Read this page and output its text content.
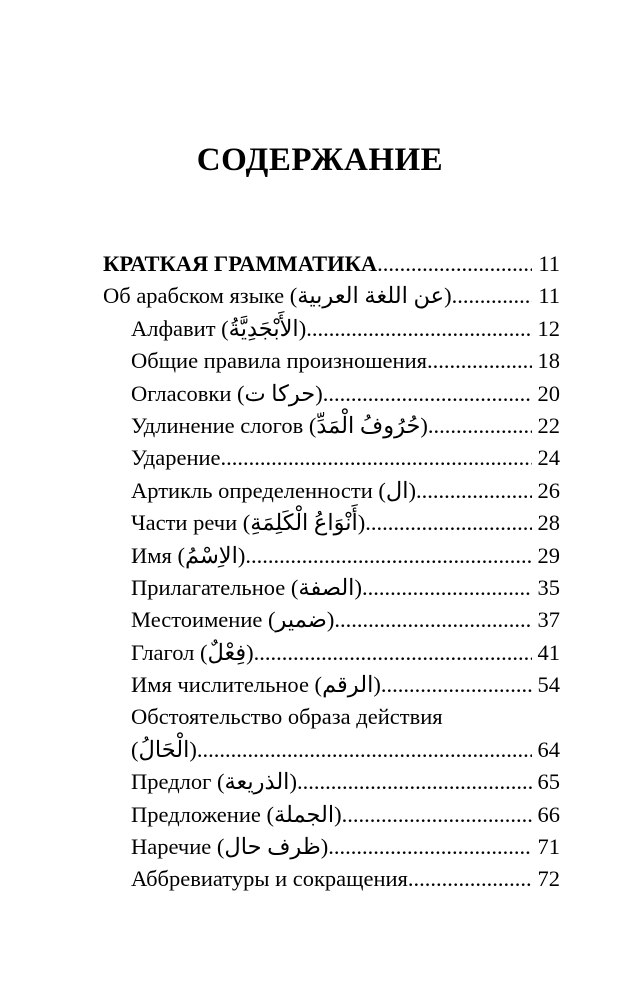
СОДЕРЖАНИЕ
КРАТКАЯ ГРАММАТИКА .....	11
Об арабском языке (عن اللغة العربية) .....	11
Алфавит (الأَبْجَدِيَّةُ) .....	12
Общие правила произношения .....	18
Огласовки (حركا ت) .....	20
Удлинение слогов (حُرُوفُ الْمَدِّ) .....	22
Ударение .....	24
Артикль определенности (ال) .....	26
Части речи (أَنْوَاعُ الْكَلِمَةِ) .....	28
Имя (الاِسْمُ) .....	29
Прилагательное (الصفة) .....	35
Местоимение (ضمير) .....	37
Глагол (فِعْلٌ) .....	41
Имя числительное (الرقم) .....	54
Обстоятельство образа действия
(الْحَالُ) .....	64
Предлог (الذريعة) .....	65
Предложение (الجملة) .....	66
Наречие (ظرف حال) .....	71
Аббревиатуры и сокращения .....	72
